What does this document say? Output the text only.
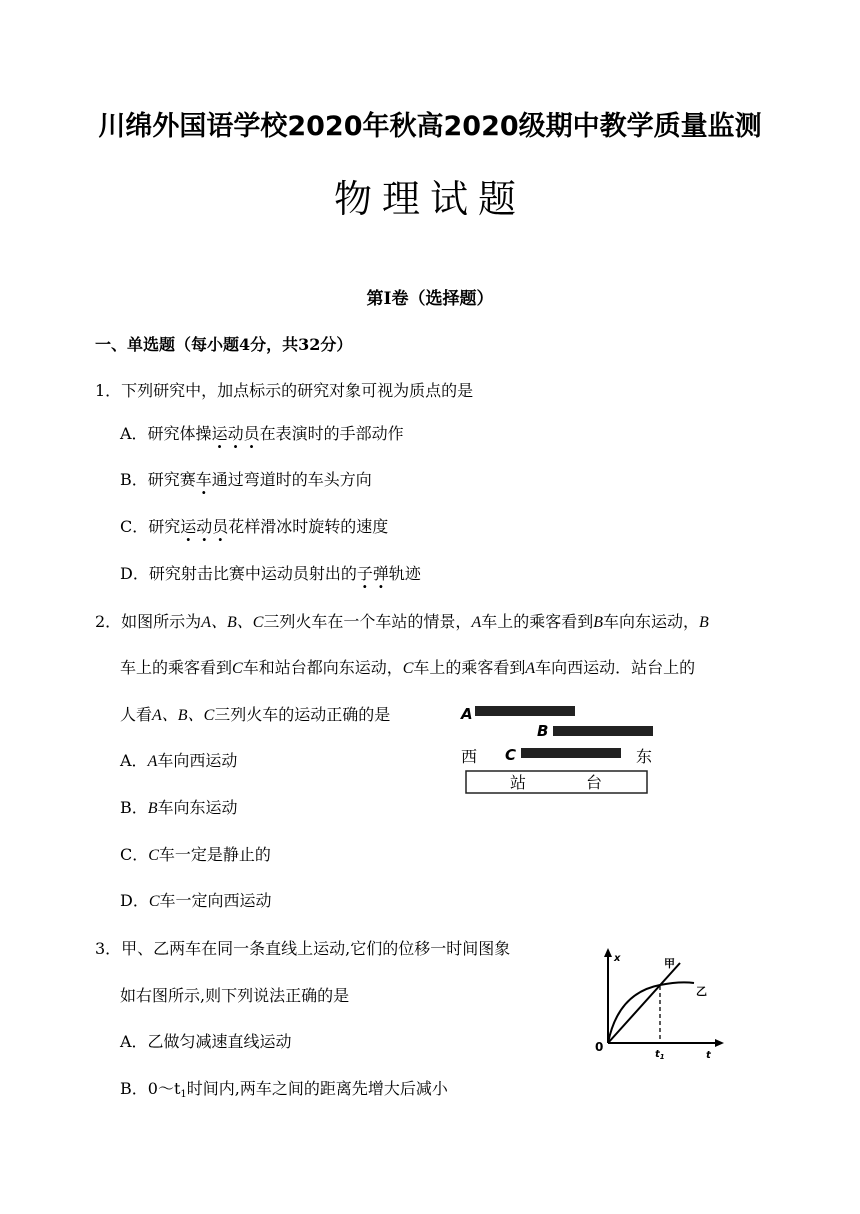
川绵外国语学校2020年秋高2020级期中教学质量监测
物理试题
第Ⅰ卷（选择题）
一、单选题（每小题4分，共32分）
1．下列研究中，加点标示的研究对象可视为质点的是
A．研究体操运动员在表演时的手部动作
B．研究赛车通过弯道时的车头方向
C．研究运动员花样滑冰时旋转的速度
D．研究射击比赛中运动员射出的子弹轨迹
2．如图所示为A、B、C三列火车在一个车站的情景，A车上的乘客看到B车向东运动，B
车上的乘客看到C车和站台都向东运动，C车上的乘客看到A车向西运动．站台上的
人看A、B、C三列火车的运动正确的是
A．A车向西运动
B．B车向东运动
C．C车一定是静止的
D．C车一定向西运动
A
B
西 C	东
站	台
3．甲、乙两车在同一条直线上运动,它们的位移一时间图象
如右图所示,则下列说法正确的是
A．乙做匀减速直线运动
B．$0\sim t_1$时间内,两车之间的距离先增大后减小
x
t
0
甲
乙
$t_1$
